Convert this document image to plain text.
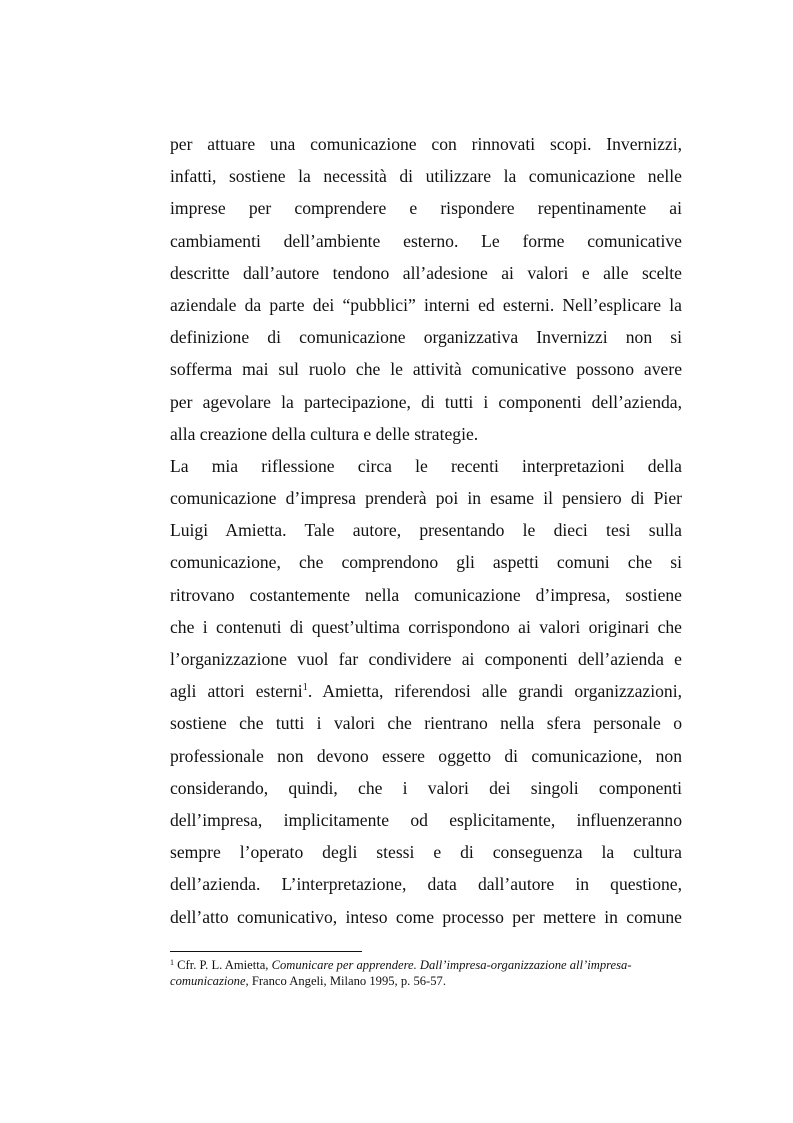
per attuare una comunicazione con rinnovati scopi. Invernizzi,
infatti, sostiene la necessità di utilizzare la comunicazione nelle
imprese per comprendere e rispondere repentinamente ai
cambiamenti dell’ambiente esterno. Le forme comunicative
descritte dall’autore tendono all’adesione ai valori e alle scelte
aziendale da parte dei “pubblici” interni ed esterni. Nell’esplicare la
definizione di comunicazione organizzativa Invernizzi non si
sofferma mai sul ruolo che le attività comunicative possono avere
per agevolare la partecipazione, di tutti i componenti dell’azienda,
alla creazione della cultura e delle strategie.
La mia riflessione circa le recenti interpretazioni della
comunicazione d’impresa prenderà poi in esame il pensiero di Pier
Luigi Amietta. Tale autore, presentando le dieci tesi sulla
comunicazione, che comprendono gli aspetti comuni che si
ritrovano costantemente nella comunicazione d’impresa, sostiene
che i contenuti di quest’ultima corrispondono ai valori originari che
l’organizzazione vuol far condividere ai componenti dell’azienda e
agli attori esterni$^1$. Amietta, riferendosi alle grandi organizzazioni,
sostiene che tutti i valori che rientrano nella sfera personale o
professionale non devono essere oggetto di comunicazione, non
considerando, quindi, che i valori dei singoli componenti
dell’impresa, implicitamente od esplicitamente, influenzeranno
sempre l’operato degli stessi e di conseguenza la cultura
dell’azienda. L’interpretazione, data dall’autore in questione,
dell’atto comunicativo, inteso come processo per mettere in comune
$^1$ Cfr. P. L. Amietta, Comunicare per apprendere. Dall’impresa-organizzazione all’impresa-
comunicazione, Franco Angeli, Milano 1995, p. 56-57.
